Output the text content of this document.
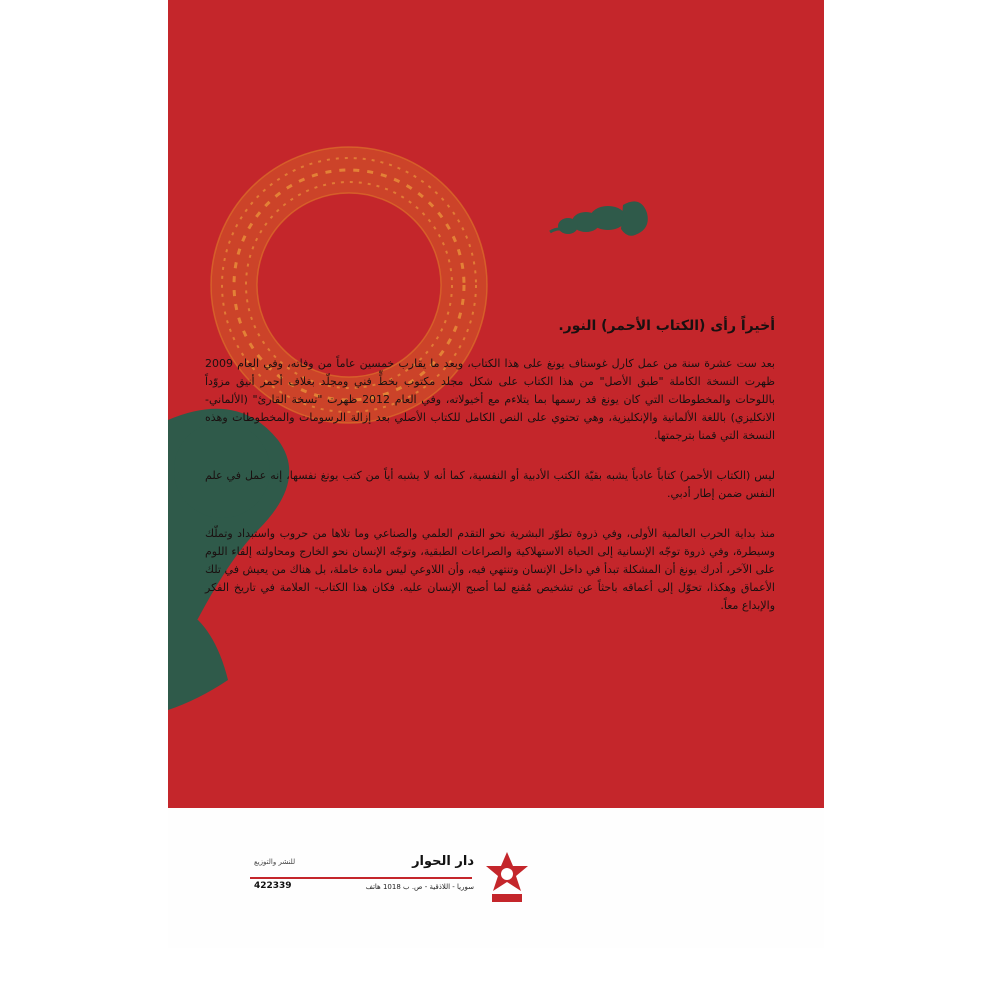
أخيراً رأى (الكتاب الأحمر) النور.
بعد ست عشرة سنة من عمل كارل غوستاف يونغ على هذا الكتاب، وبعد ما يقارب خمسين عاماً من وفاته، وفي العام 2009 ظهرت النسخة الكاملة "طبق الأصل" من هذا الكتاب على شكل مجلد مكتوب بخطٍّ فني ومجلّد بغلاف أحمر أنيق مزوّداً باللوحات والمخطوطات التي كان يونغ قد رسمها بما يتلاءم مع أخيولاته، وفي العام 2012 ظهرت "نسخة القارئ" (الألماني-الانكليزي) باللغة الألمانية والإنكليزية، وهي تحتوي على النص الكامل للكتاب الأصلي بعد إزالة الرسومات والمخطوطات وهذه النسخة التي قمنا بترجمتها.
ليس (الكتاب الأحمر) كتاباً عادياً يشبه بقيّة الكتب الأدبية أو النفسية، كما أنه لا يشبه أياً من كتب يونغ نفسها، إنه عمل في علم النفس ضمن إطار أدبي.
منذ بداية الحرب العالمية الأولى، وفي ذروة تطوّر البشرية نحو التقدم العلمي والصناعي وما تلاها من حروب واستبداد وتملّك وسيطرة، وفي ذروة توجّه الإنسانية إلى الحياة الاستهلاكية والصراعات الطبقية، وتوجّه الإنسان نحو الخارج ومحاولته إلقاء اللوم على الآخر، أدرك يونغ أن المشكلة تبدأ في داخل الإنسان وتنتهي فيه، وأن اللاوعي ليس مادة خاملة، بل هناك من يعيش في تلك الأعماق وهكذا، تحوّل إلى أعماقه باحثاً عن تشخيص مُقنع لما أصبح الإنسان عليه. فكان هذا الكتاب- العلامة في تاريخ الفكر والإبداع معاً.
للنشر والتوزيع	دار الحوار
422339	سوريا - اللاذقية - ص. ب 1018 هاتف
